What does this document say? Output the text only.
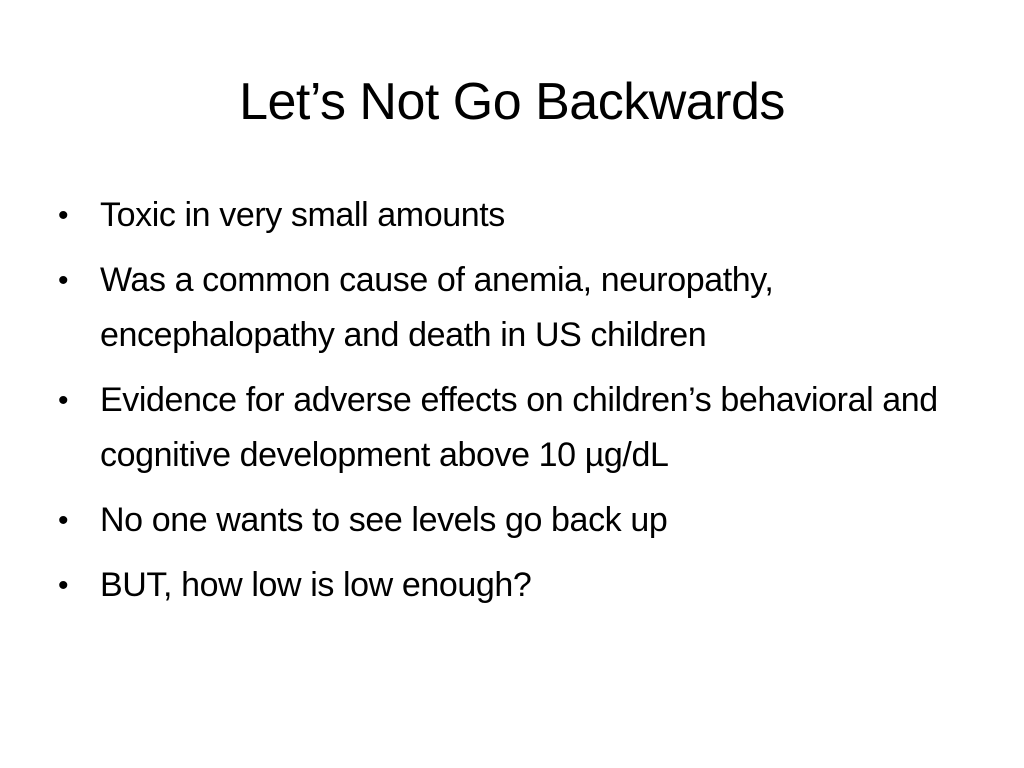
Let’s Not Go Backwards
• Toxic in very small amounts
• Was a common cause of anemia, neuropathy, encephalopathy and death in US children
• Evidence for adverse effects on children’s behavioral and cognitive development above 10 µg/dL
• No one wants to see levels go back up
• BUT, how low is low enough?
